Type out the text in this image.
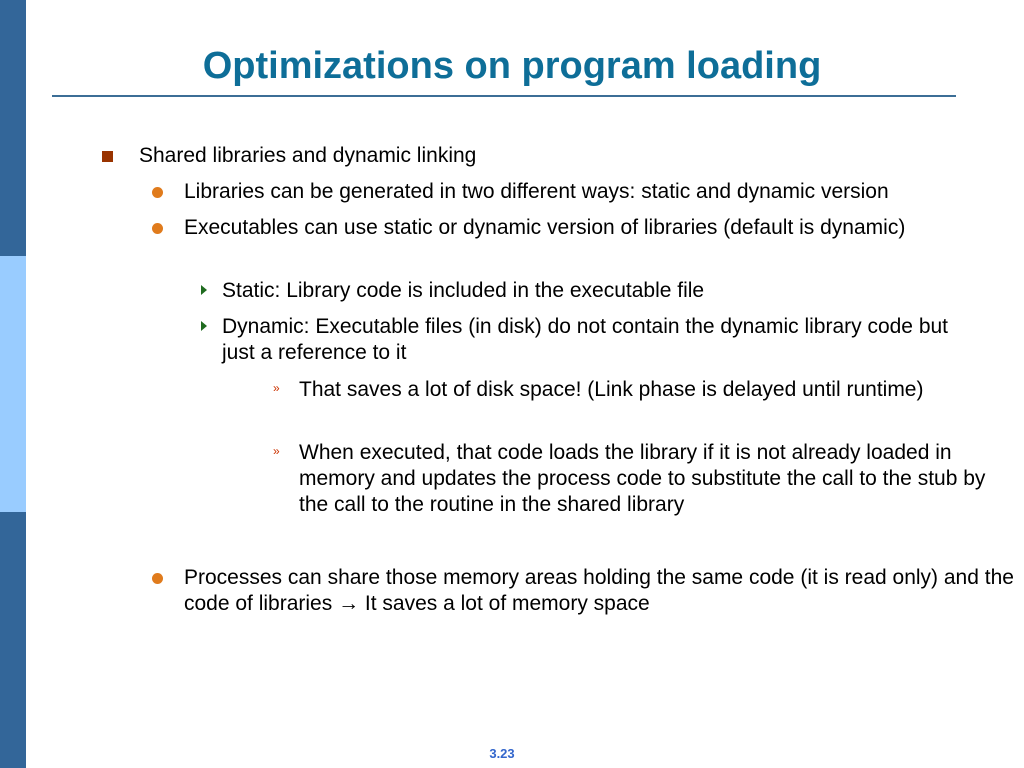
Optimizations on program loading
Shared libraries and dynamic linking
Libraries can be generated in two different ways: static and dynamic version
Executables can use static or dynamic version of libraries (default is dynamic)
Static: Library code is included in the executable file
Dynamic: Executable files (in disk) do not contain the dynamic library code but just a reference to it
» That saves a lot of disk space! (Link phase is delayed until runtime)
» When executed, that code loads the library if it is not already loaded in memory and updates the process code to substitute the call to the stub by the call to the routine in the shared library
Processes can share those memory areas holding the same code (it is read only) and the code of libraries → It saves a lot of memory space
3.23
